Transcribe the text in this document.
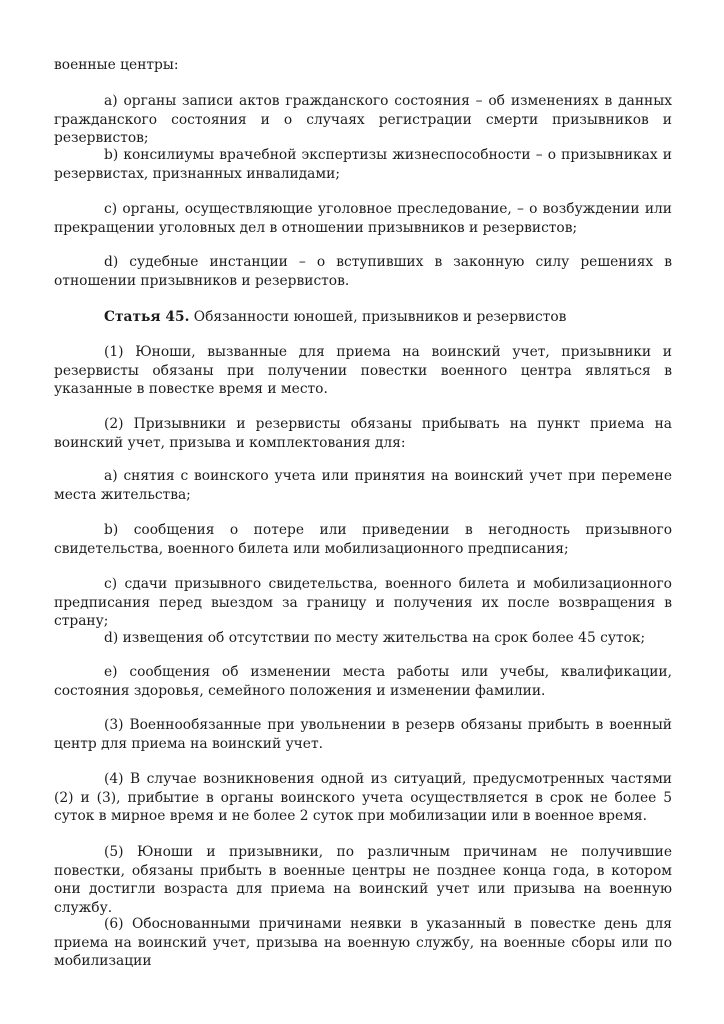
военные центры:

a) органы записи актов гражданского состояния – об изменениях в данных гражданского состояния и о случаях регистрации смерти призывников и резервистов;

b) консилиумы врачебной экспертизы жизнеспособности – о призывниках и резервистах, признанных инвалидами;

c) органы, осуществляющие уголовное преследование, – о возбуждении или прекращении уголовных дел в отношении призывников и резервистов;

d) судебные инстанции – о вступивших в законную силу решениях в отношении призывников и резервистов.

Статья 45. Обязанности юношей, призывников и резервистов

(1) Юноши, вызванные для приема на воинский учет, призывники и резервисты обязаны при получении повестки военного центра являться в указанные в повестке время и место.

(2) Призывники и резервисты обязаны прибывать на пункт приема на воинский учет, призыва и комплектования для:

a) снятия с воинского учета или принятия на воинский учет при перемене места жительства;

b) сообщения о потере или приведении в негодность призывного свидетельства, военного билета или мобилизационного предписания;

c) сдачи призывного свидетельства, военного билета и мобилизационного предписания перед выездом за границу и получения их после возвращения в страну;

d) извещения об отсутствии по месту жительства на срок более 45 суток;

e) сообщения об изменении места работы или учебы, квалификации, состояния здоровья, семейного положения и изменении фамилии.

(3) Военнообязанные при увольнении в резерв обязаны прибыть в военный центр для приема на воинский учет.

(4) В случае возникновения одной из ситуаций, предусмотренных частями (2) и (3), прибытие в органы воинского учета осуществляется в срок не более 5 суток в мирное время и не более 2 суток при мобилизации или в военное время.

(5) Юноши и призывники, по различным причинам не получившие повестки, обязаны прибыть в военные центры не позднее конца года, в котором они достигли возраста для приема на воинский учет или призыва на военную службу.

(6) Обоснованными причинами неявки в указанный в повестке день для приема на воинский учет, призыва на военную службу, на военные сборы или по мобилизации
